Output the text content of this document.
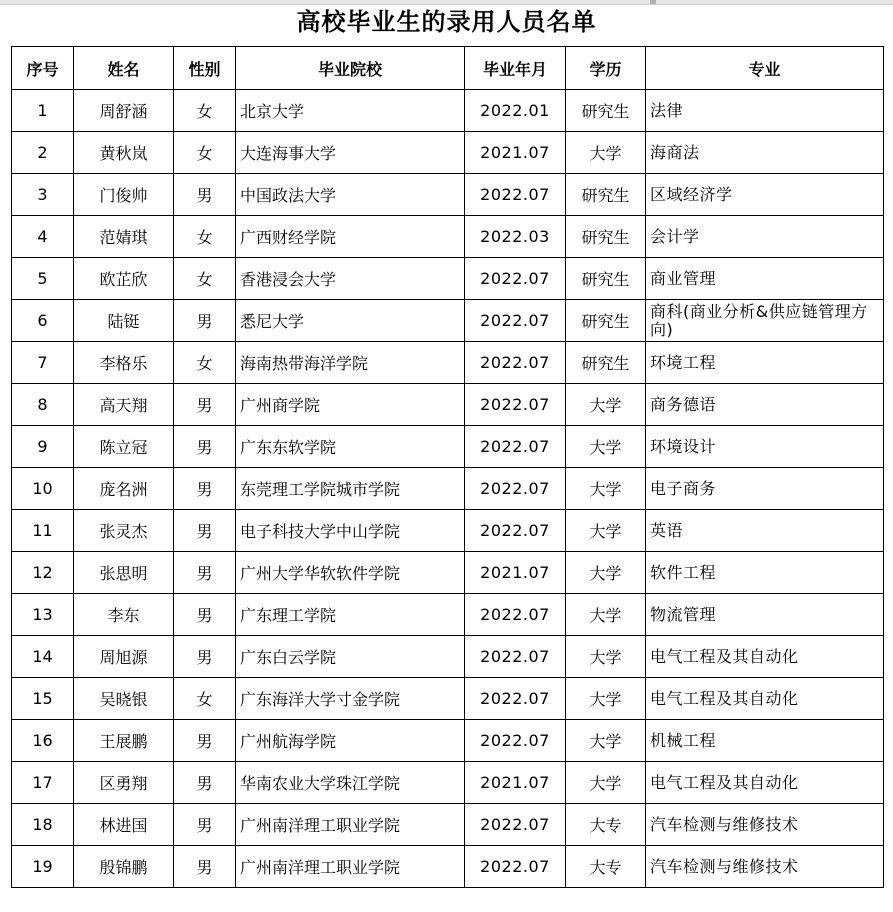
高校毕业生的录用人员名单
序号	姓名	性别	毕业院校	毕业年月	学历	专业
1	周舒涵	女	北京大学	2022.01	研究生	法律
2	黄秋岚	女	大连海事大学	2021.07	大学	海商法
3	门俊帅	男	中国政法大学	2022.07	研究生	区域经济学
4	范婧琪	女	广西财经学院	2022.03	研究生	会计学
5	欧芷欣	女	香港浸会大学	2022.07	研究生	商业管理
6	陆铤	男	悉尼大学	2022.07	研究生	商科(商业分析&供应链管理方向)
7	李格乐	女	海南热带海洋学院	2022.07	研究生	环境工程
8	高天翔	男	广州商学院	2022.07	大学	商务德语
9	陈立冠	男	广东东软学院	2022.07	大学	环境设计
10	庞名洲	男	东莞理工学院城市学院	2022.07	大学	电子商务
11	张灵杰	男	电子科技大学中山学院	2022.07	大学	英语
12	张思明	男	广州大学华软软件学院	2021.07	大学	软件工程
13	李东	男	广东理工学院	2022.07	大学	物流管理
14	周旭源	男	广东白云学院	2022.07	大学	电气工程及其自动化
15	吴晓银	女	广东海洋大学寸金学院	2022.07	大学	电气工程及其自动化
16	王展鹏	男	广州航海学院	2022.07	大学	机械工程
17	区勇翔	男	华南农业大学珠江学院	2021.07	大学	电气工程及其自动化
18	林进国	男	广州南洋理工职业学院	2022.07	大专	汽车检测与维修技术
19	殷锦鹏	男	广州南洋理工职业学院	2022.07	大专	汽车检测与维修技术
